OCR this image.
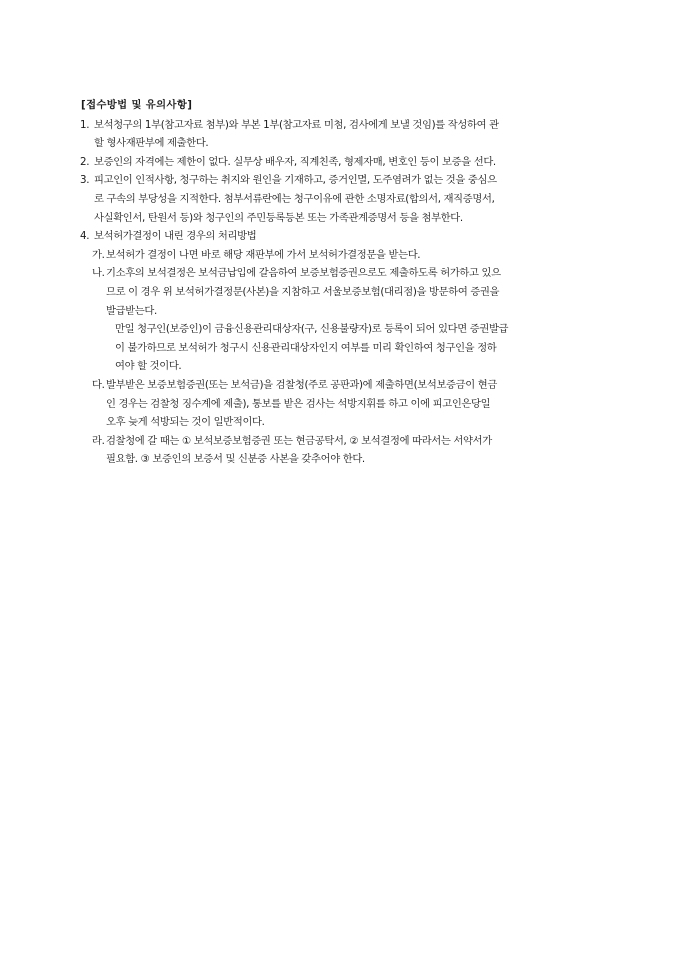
[접수방법 및 유의사항]
1. 보석청구의 1부(참고자료 첨부)와 부본 1부(참고자료 미첨, 검사에게 보낼 것임)를 작성하여 관
할 형사재판부에 제출한다.
2. 보증인의 자격에는 제한이 없다. 실무상 배우자, 직계친족, 형제자매, 변호인 등이 보증을 선다.
3. 피고인이 인적사항, 청구하는 취지와 원인을 기재하고, 증거인멸, 도주염려가 없는 것을 중심으
로 구속의 부당성을 지적한다. 첨부서류란에는 청구이유에 관한 소명자료(합의서, 재직증명서,
사실확인서, 탄원서 등)와 청구인의 주민등록등본 또는 가족관계증명서 등을 첨부한다.
4. 보석허가결정이 내린 경우의 처리방법
가. 보석허가 결정이 나면 바로 해당 재판부에 가서 보석허가결정문을 받는다.
나. 기소후의 보석결정은 보석금납입에 갈음하여 보증보험증권으로도 제출하도록 허가하고 있으
므로 이 경우 위 보석허가결정문(사본)을 지참하고 서울보증보험(대리점)을 방문하여 증권을
발급받는다.
만일 청구인(보증인)이 금융신용관리대상자(구, 신용불량자)로 등록이 되어 있다면 증권발급
이 불가하므로 보석허가 청구시 신용관리대상자인지 여부를 미리 확인하여 청구인을 정하
여야 할 것이다.
다. 발부받은 보증보험증권(또는 보석금)을 검찰청(주로 공판과)에 제출하면(보석보증금이 현금
인 경우는 검찰청 징수계에 제출), 통보를 받은 검사는 석방지휘를 하고 이에 피고인은당일
오후 늦게 석방되는 것이 일반적이다.
라. 검찰청에 갈 때는 ① 보석보증보험증권 또는 현금공탁서, ② 보석결정에 따라서는 서약서가
필요함. ③ 보증인의 보증서 및 신분증 사본을 갖추어야 한다.
